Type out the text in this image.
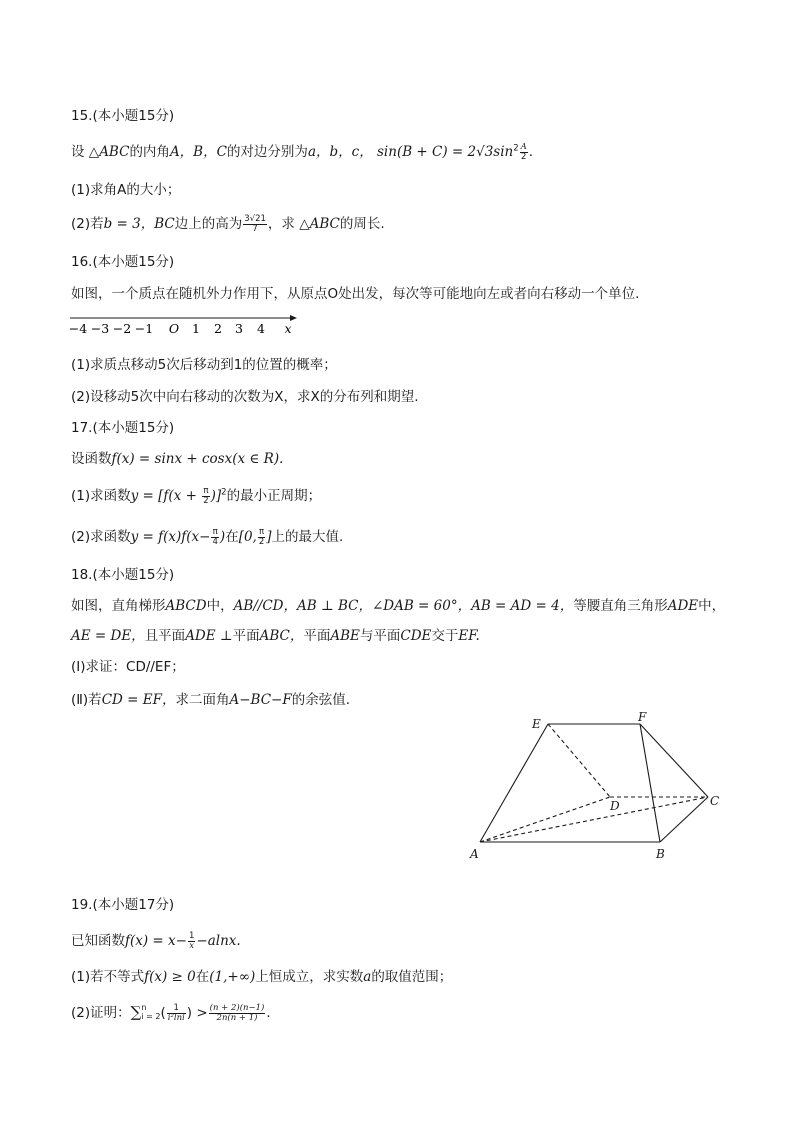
15.(本小题15分)
设 △ABC的内角A，B，C的对边分别为a，b，c， $\sin(B + C) = 2√3\sin^2 \frac{A}{2}$ .
(1)求角A的大小；
(2)若b = 3，BC边上的高为 $\frac{3√21}{7}$ ，求 △ABC的周长.
16.(本小题15分)
如图，一个质点在随机外力作用下，从原点O处出发，每次等可能地向左或者向右移动一个单位.
−4 −3 −2 −1 O 1 2 3 4 x
(1)求质点移动5次后移动到1的位置的概率；
(2)设移动5次中向右移动的次数为X，求X的分布列和期望.
17.(本小题15分)
设函数f(x) = sinx + cosx(x ∈ R).
(1)求函数$y = [f(x + \frac{\pi}{2} )]^2$的最小正周期；
(2)求函数$y = f(x)f(x- \frac{\pi}{4}$ )在[0, $\frac{\pi}{2}$ ]上的最大值.
18.(本小题15分)
如图，直角梯形ABCD中，AB//CD，AB ⊥ BC，∠DAB = 60°，AB = AD = 4，等腰直角三角形ADE中，
AE = DE，且平面ADE ⊥平面ABC，平面ABE与平面CDE交于EF.
(Ⅰ)求证：CD//EF；
(Ⅱ)若CD = EF，求二面角A−BC−F的余弦值.
E	F
D	C
A	B
19.(本小题17分)
已知函数$f(x) = x- \frac{1}{x} -alnx$.
(1)若不等式f(x) ≥ 0在(1,+∞)上恒成立，求实数a的取值范围；
(2)证明：∑ n
i = 2 ( $\frac{1}{\text{i²lni}}$ ) > $\frac{(n + 2)(n-1)}{2n(n + 1)}$ .
